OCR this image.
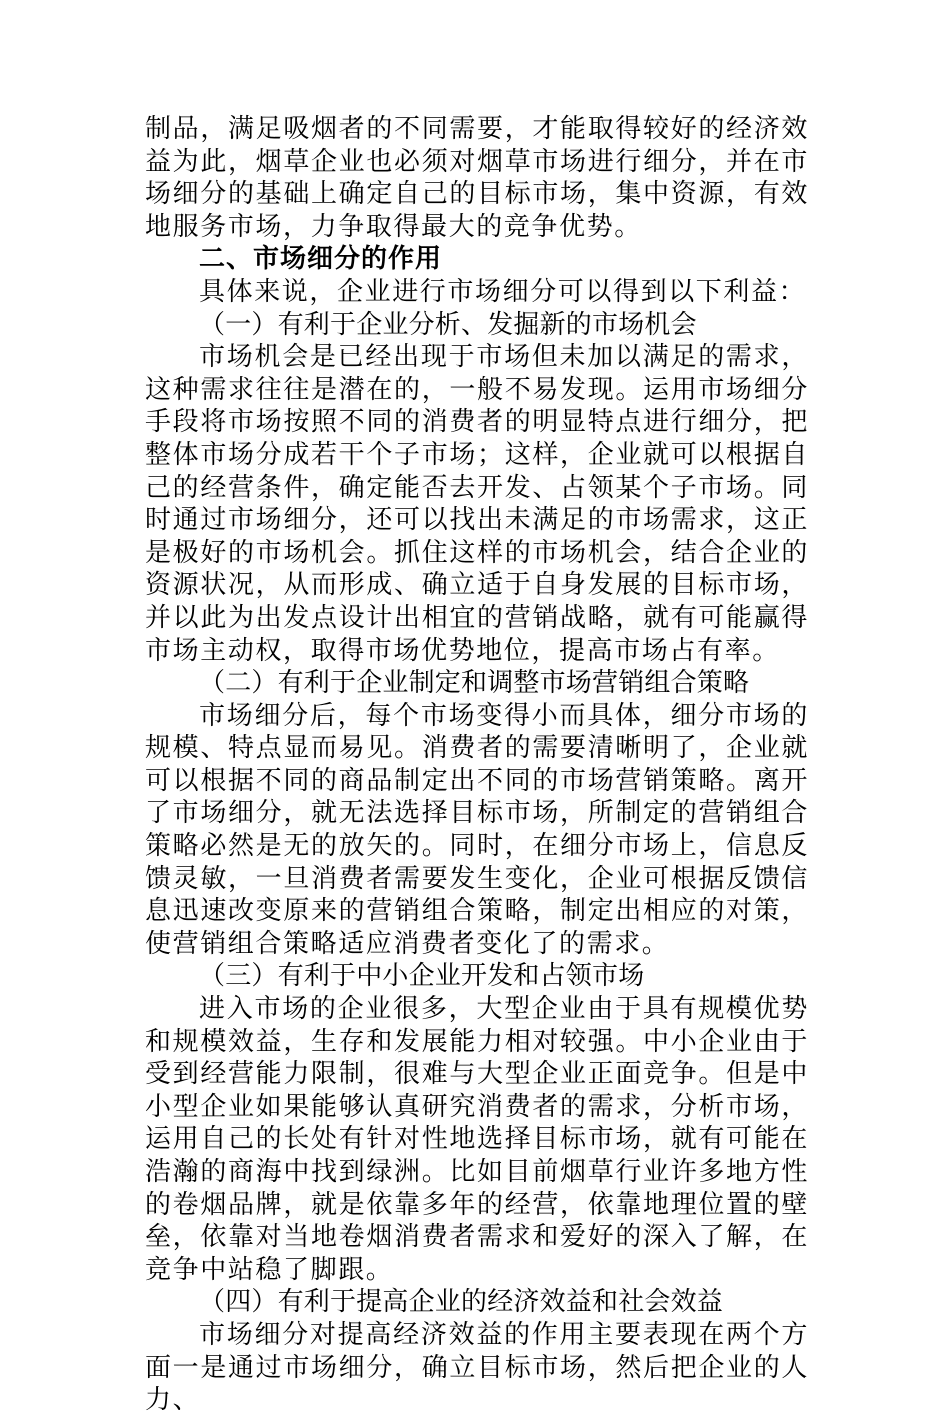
制品，满足吸烟者的不同需要，才能取得较好的经济效益为此，烟草企业也必须对烟草市场进行细分，并在市场细分的基础上确定自己的目标市场，集中资源，有效地服务市场，力争取得最大的竞争优势。

二、市场细分的作用

具体来说，企业进行市场细分可以得到以下利益：

（一）有利于企业分析、发掘新的市场机会

市场机会是已经出现于市场但未加以满足的需求，这种需求往往是潜在的，一般不易发现。运用市场细分手段将市场按照不同的消费者的明显特点进行细分，把整体市场分成若干个子市场；这样，企业就可以根据自己的经营条件，确定能否去开发、占领某个子市场。同时通过市场细分，还可以找出未满足的市场需求，这正是极好的市场机会。抓住这样的市场机会，结合企业的资源状况，从而形成、确立适于自身发展的目标市场，并以此为出发点设计出相宜的营销战略，就有可能赢得市场主动权，取得市场优势地位，提高市场占有率。

（二）有利于企业制定和调整市场营销组合策略

市场细分后，每个市场变得小而具体，细分市场的规模、特点显而易见。消费者的需要清晰明了，企业就可以根据不同的商品制定出不同的市场营销策略。离开了市场细分，就无法选择目标市场，所制定的营销组合策略必然是无的放矢的。同时，在细分市场上，信息反馈灵敏，一旦消费者需要发生变化，企业可根据反馈信息迅速改变原来的营销组合策略，制定出相应的对策，使营销组合策略适应消费者变化了的需求。

（三）有利于中小企业开发和占领市场

进入市场的企业很多，大型企业由于具有规模优势和规模效益，生存和发展能力相对较强。中小企业由于受到经营能力限制，很难与大型企业正面竞争。但是中小型企业如果能够认真研究消费者的需求，分析市场，运用自己的长处有针对性地选择目标市场，就有可能在浩瀚的商海中找到绿洲。比如目前烟草行业许多地方性的卷烟品牌，就是依靠多年的经营，依靠地理位置的壁垒，依靠对当地卷烟消费者需求和爱好的深入了解，在竞争中站稳了脚跟。

（四）有利于提高企业的经济效益和社会效益

市场细分对提高经济效益的作用主要表现在两个方面一是通过市场细分，确立目标市场，然后把企业的人力、
